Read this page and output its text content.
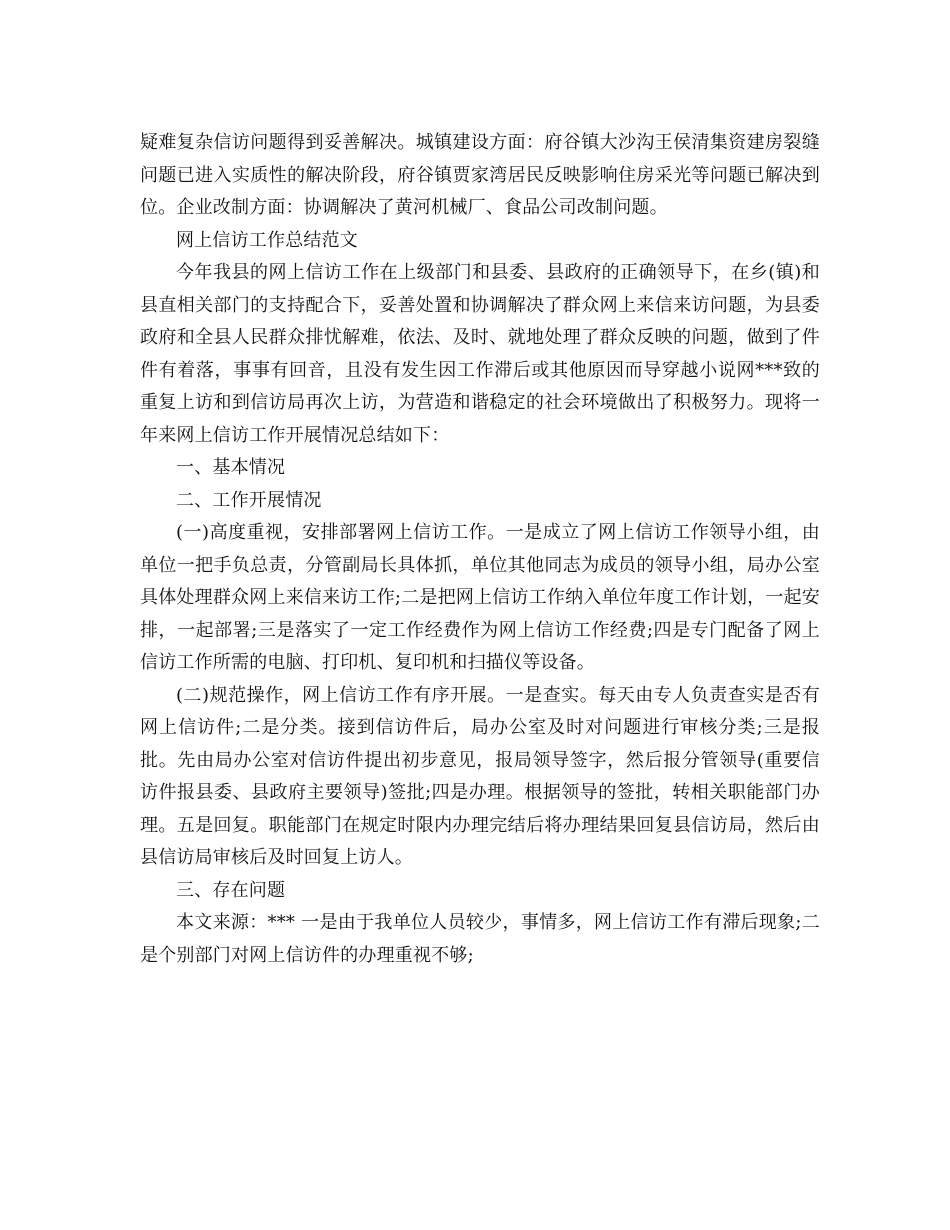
疑难复杂信访问题得到妥善解决。城镇建设方面：府谷镇大沙沟王侯清集资建房裂缝问题已进入实质性的解决阶段，府谷镇贾家湾居民反映影响住房采光等问题已解决到位。企业改制方面：协调解决了黄河机械厂、食品公司改制问题。

网上信访工作总结范文

今年我县的网上信访工作在上级部门和县委、县政府的正确领导下，在乡(镇)和县直相关部门的支持配合下，妥善处置和协调解决了群众网上来信来访问题，为县委政府和全县人民群众排忧解难，依法、及时、就地处理了群众反映的问题，做到了件件有着落，事事有回音，且没有发生因工作滞后或其他原因而导穿越小说网***致的重复上访和到信访局再次上访，为营造和谐稳定的社会环境做出了积极努力。现将一年来网上信访工作开展情况总结如下：

一、基本情况

二、工作开展情况

(一)高度重视，安排部署网上信访工作。一是成立了网上信访工作领导小组，由单位一把手负总责，分管副局长具体抓，单位其他同志为成员的领导小组，局办公室具体处理群众网上来信来访工作;二是把网上信访工作纳入单位年度工作计划，一起安排，一起部署;三是落实了一定工作经费作为网上信访工作经费;四是专门配备了网上信访工作所需的电脑、打印机、复印机和扫描仪等设备。

(二)规范操作，网上信访工作有序开展。一是查实。每天由专人负责查实是否有网上信访件;二是分类。接到信访件后，局办公室及时对问题进行审核分类;三是报批。先由局办公室对信访件提出初步意见，报局领导签字，然后报分管领导(重要信访件报县委、县政府主要领导)签批;四是办理。根据领导的签批，转相关职能部门办理。五是回复。职能部门在规定时限内办理完结后将办理结果回复县信访局，然后由县信访局审核后及时回复上访人。

三、存在问题

本文来源：*** 一是由于我单位人员较少，事情多，网上信访工作有滞后现象;二是个别部门对网上信访件的办理重视不够;
